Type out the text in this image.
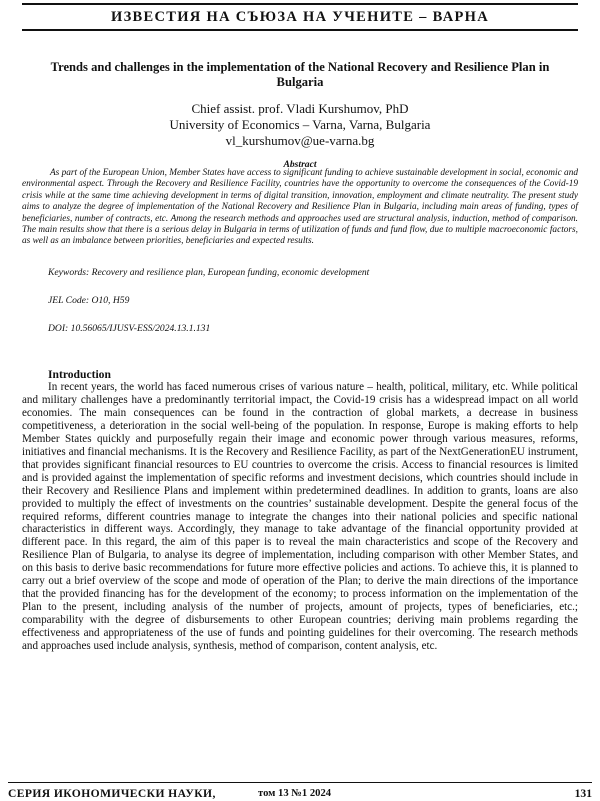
ИЗВЕСТИЯ НА СЪЮЗА НА УЧЕНИТЕ – ВАРНА
Trends and challenges in the implementation of the National Recovery and Resilience Plan in Bulgaria
Chief assist. prof. Vladi Kurshumov, PhD
University of Economics – Varna, Varna, Bulgaria
vl_kurshumov@ue-varna.bg
Abstract
As part of the European Union, Member States have access to significant funding to achieve sustainable development in social, economic and environmental aspect. Through the Recovery and Resilience Facility, countries have the opportunity to overcome the consequences of the Covid-19 crisis while at the same time achieving development in terms of digital transition, innovation, employment and climate neutrality. The present study aims to analyze the degree of implementation of the National Recovery and Resilience Plan in Bulgaria, including main areas of funding, types of beneficiaries, number of contracts, etc. Among the research methods and approaches used are structural analysis, induction, method of comparison. The main results show that there is a serious delay in Bulgaria in terms of utilization of funds and fund flow, due to multiple macroeconomic factors, as well as an imbalance between priorities, beneficiaries and expected results.
Keywords: Recovery and resilience plan, European funding, economic development
JEL Code: O10, H59
DOI: 10.56065/IJUSV-ESS/2024.13.1.131
Introduction
In recent years, the world has faced numerous crises of various nature – health, political, military, etc. While political and military challenges have a predominantly territorial impact, the Covid-19 crisis has a widespread impact on all world economies. The main consequences can be found in the contraction of global markets, a decrease in business competitiveness, a deterioration in the social well-being of the population. In response, Europe is making efforts to help Member States quickly and purposefully regain their image and economic power through various measures, reforms, initiatives and financial mechanisms. It is the Recovery and Resilience Facility, as part of the NextGenerationEU instrument, that provides significant financial resources to EU countries to overcome the crisis. Access to financial resources is limited and is provided against the implementation of specific reforms and investment decisions, which countries should include in their Recovery and Resilience Plans and implement within predetermined deadlines. In addition to grants, loans are also provided to multiply the effect of investments on the countries’ sustainable development. Despite the general focus of the required reforms, different countries manage to integrate the changes into their national policies and specific national characteristics in different ways. Accordingly, they manage to take advantage of the financial opportunity provided at different pace. In this regard, the aim of this paper is to reveal the main characteristics and scope of the Recovery and Resilience Plan of Bulgaria, to analyse its degree of implementation, including comparison with other Member States, and on this basis to derive basic recommendations for future more effective policies and actions. To achieve this, it is planned to carry out a brief overview of the scope and mode of operation of the Plan; to derive the main directions of the importance that the provided financing has for the development of the economy; to process information on the implementation of the Plan to the present, including analysis of the number of projects, amount of projects, types of beneficiaries, etc.; comparability with the degree of disbursements to other European countries; deriving main problems regarding the effectiveness and appropriateness of the use of funds and pointing guidelines for their overcoming. The research methods and approaches used include analysis, synthesis, method of comparison, content analysis, etc.
СЕРИЯ ИКОНОМИЧЕСКИ НАУКИ,	том 13 №1 2024	131
